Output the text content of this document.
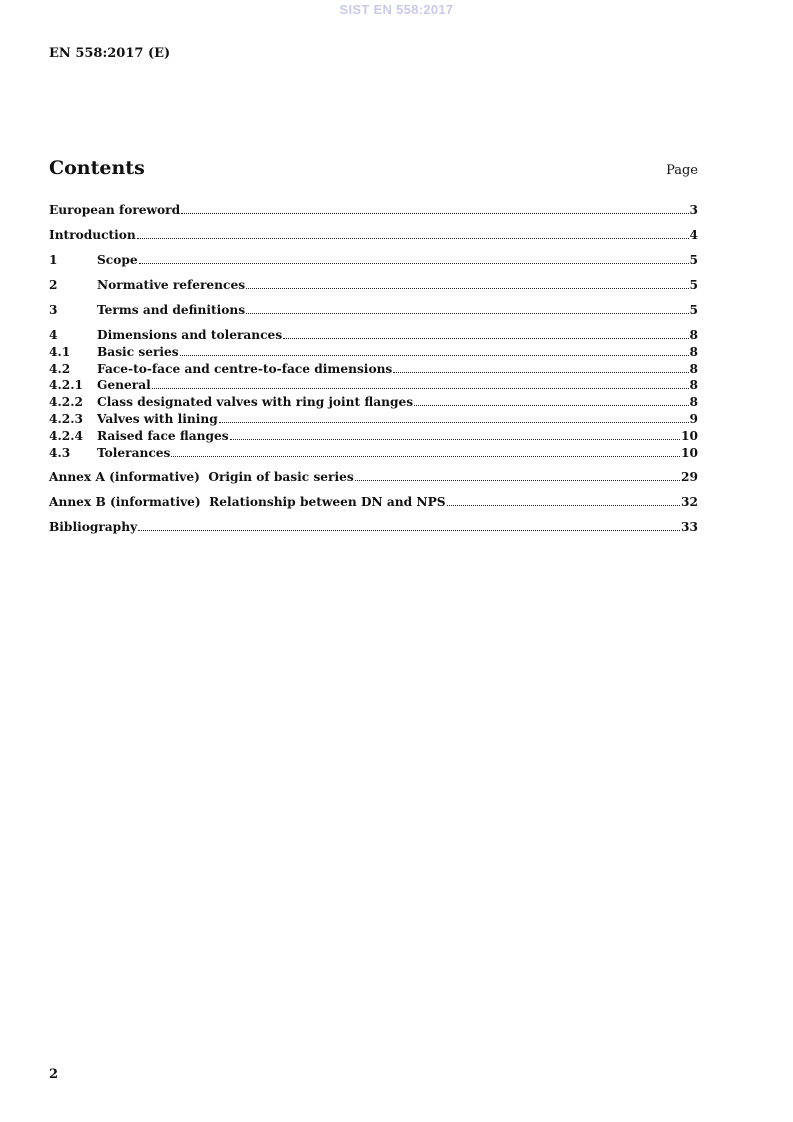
SIST EN 558:2017
EN 558:2017 (E)
Contents	Page
European foreword	3
Introduction	4
1	Scope	5
2	Normative references	5
3	Terms and definitions	5
4	Dimensions and tolerances	8
4.1	Basic series	8
4.2	Face-to-face and centre-to-face dimensions	8
4.2.1	General	8
4.2.2	Class designated valves with ring joint flanges	8
4.2.3	Valves with lining	9
4.2.4	Raised face flanges	10
4.3	Tolerances	10
Annex A (informative)  Origin of basic series	29
Annex B (informative)  Relationship between DN and NPS	32
Bibliography	33
2
